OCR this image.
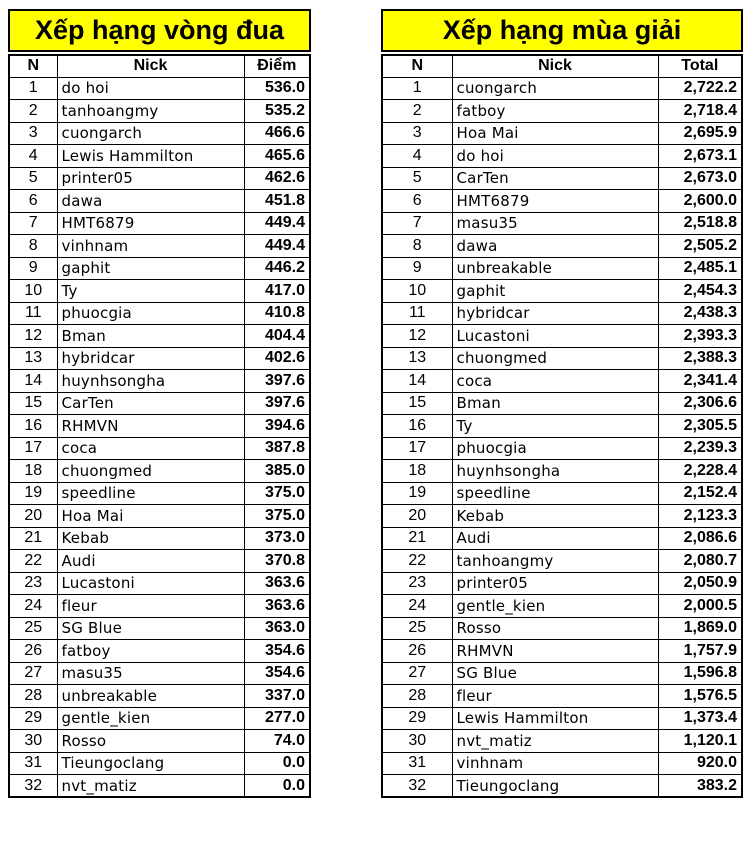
Xếp hạng vòng đua
N	Nick	Điểm
1	do hoi	536.0
2	tanhoangmy	535.2
3	cuongarch	466.6
4	Lewis Hammilton	465.6
5	printer05	462.6
6	dawa	451.8
7	HMT6879	449.4
8	vinhnam	449.4
9	gaphit	446.2
10	Ty	417.0
11	phuocgia	410.8
12	Bman	404.4
13	hybridcar	402.6
14	huynhsongha	397.6
15	CarTen	397.6
16	RHMVN	394.6
17	coca	387.8
18	chuongmed	385.0
19	speedline	375.0
20	Hoa Mai	375.0
21	Kebab	373.0
22	Audi	370.8
23	Lucastoni	363.6
24	fleur	363.6
25	SG Blue	363.0
26	fatboy	354.6
27	masu35	354.6
28	unbreakable	337.0
29	gentle_kien	277.0
30	Rosso	74.0
31	Tieungoclang	0.0
32	nvt_matiz	0.0
Xếp hạng mùa giải
N	Nick	Total
1	cuongarch	2,722.2
2	fatboy	2,718.4
3	Hoa Mai	2,695.9
4	do hoi	2,673.1
5	CarTen	2,673.0
6	HMT6879	2,600.0
7	masu35	2,518.8
8	dawa	2,505.2
9	unbreakable	2,485.1
10	gaphit	2,454.3
11	hybridcar	2,438.3
12	Lucastoni	2,393.3
13	chuongmed	2,388.3
14	coca	2,341.4
15	Bman	2,306.6
16	Ty	2,305.5
17	phuocgia	2,239.3
18	huynhsongha	2,228.4
19	speedline	2,152.4
20	Kebab	2,123.3
21	Audi	2,086.6
22	tanhoangmy	2,080.7
23	printer05	2,050.9
24	gentle_kien	2,000.5
25	Rosso	1,869.0
26	RHMVN	1,757.9
27	SG Blue	1,596.8
28	fleur	1,576.5
29	Lewis Hammilton	1,373.4
30	nvt_matiz	1,120.1
31	vinhnam	920.0
32	Tieungoclang	383.2
